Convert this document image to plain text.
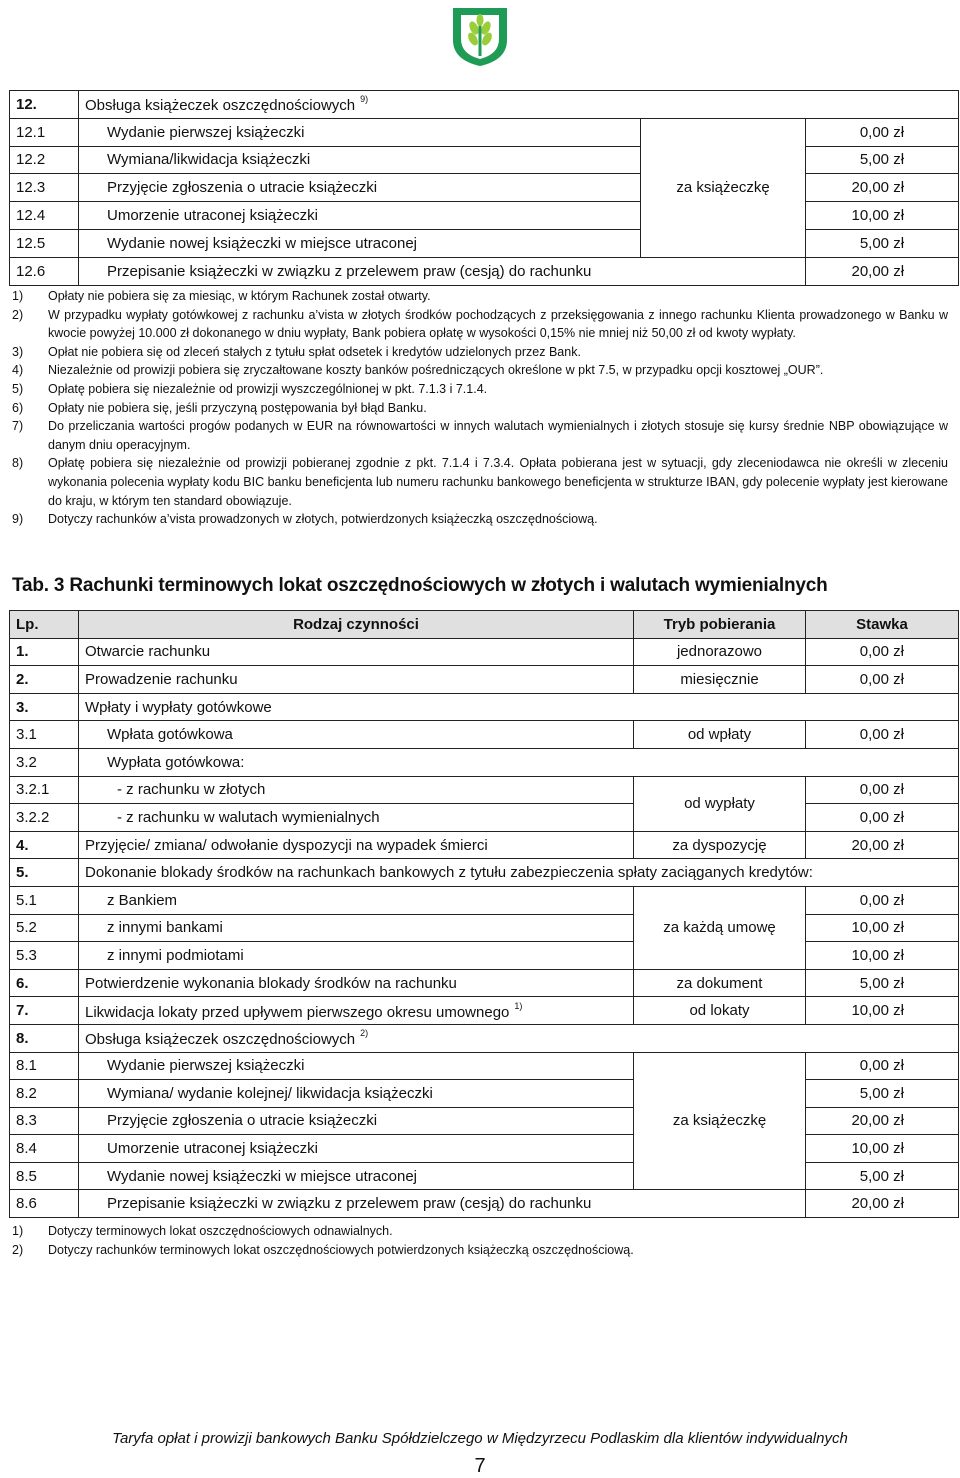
12.	Obsługa książeczek oszczędnościowych $^{9)}$
12.1	Wydanie pierwszej książeczki	za książeczkę	0,00 zł
12.2	Wymiana/likwidacja książeczki		5,00 zł
12.3	Przyjęcie zgłoszenia o utracie książeczki		20,00 zł
12.4	Umorzenie utraconej książeczki		10,00 zł
12.5	Wydanie nowej książeczki w miejsce utraconej		5,00 zł
12.6	Przepisanie książeczki w związku z przelewem praw (cesją) do rachunku		20,00 zł
1)	Opłaty nie pobiera się za miesiąc, w którym Rachunek został otwarty.
2)	W przypadku wypłaty gotówkowej z rachunku a’vista w złotych środków pochodzących z przeksięgowania z innego rachunku Klienta prowadzonego w Banku w kwocie powyżej 10.000 zł dokonanego w dniu wypłaty, Bank pobiera opłatę w wysokości 0,15% nie mniej niż 50,00 zł od kwoty wypłaty.
3)	Opłat nie pobiera się od zleceń stałych z tytułu spłat odsetek i kredytów udzielonych przez Bank.
4)	Niezależnie od prowizji pobiera się zryczałtowane koszty banków pośredniczących określone w pkt 7.5, w przypadku opcji kosztowej „OUR”.
5)	Opłatę pobiera się niezależnie od prowizji wyszczególnionej w pkt. 7.1.3 i 7.1.4.
6)	Opłaty nie pobiera się, jeśli przyczyną postępowania był błąd Banku.
7)	Do przeliczania wartości progów podanych w EUR na równowartości w innych walutach wymienialnych i złotych stosuje się kursy średnie NBP obowiązujące w danym dniu operacyjnym.
8)	Opłatę pobiera się niezależnie od prowizji pobieranej zgodnie z pkt. 7.1.4 i 7.3.4. Opłata pobierana jest w sytuacji, gdy zleceniodawca nie określi w zleceniu wykonania polecenia wypłaty kodu BIC banku beneficjenta lub numeru rachunku bankowego beneficjenta w strukturze IBAN, gdy polecenie wypłaty jest kierowane do kraju, w którym ten standard obowiązuje.
9)	Dotyczy rachunków a’vista prowadzonych w złotych, potwierdzonych książeczką oszczędnościową.
Tab. 3 Rachunki terminowych lokat oszczędnościowych w złotych i walutach wymienialnych
Lp.	Rodzaj czynności	Tryb pobierania	Stawka
1.	Otwarcie rachunku	jednorazowo	0,00 zł
2.	Prowadzenie rachunku	miesięcznie	0,00 zł
3.	Wpłaty i wypłaty gotówkowe		
3.1	Wpłata gotówkowa	od wpłaty	0,00 zł
3.2	Wypłata gotówkowa:		
3.2.1	- z rachunku w złotych	od wypłaty	0,00 zł
3.2.2	- z rachunku w walutach wymienialnych		0,00 zł
4.	Przyjęcie/ zmiana/ odwołanie dyspozycji na wypadek śmierci	za dyspozycję	20,00 zł
5.	Dokonanie blokady środków na rachunkach bankowych z tytułu zabezpieczenia spłaty zaciąganych kredytów:		
5.1	z Bankiem	za każdą umowę	0,00 zł
5.2	z innymi bankami		10,00 zł
5.3	z innymi podmiotami		10,00 zł
6.	Potwierdzenie wykonania blokady środków na rachunku	za dokument	5,00 zł
7.	Likwidacja lokaty przed upływem pierwszego okresu umownego $^{1)}$	od lokaty	10,00 zł
8.	Obsługa książeczek oszczędnościowych $^{2)}$
8.1	Wydanie pierwszej książeczki	za książeczkę	0,00 zł
8.2	Wymiana/ wydanie kolejnej/ likwidacja książeczki		5,00 zł
8.3	Przyjęcie zgłoszenia o utracie książeczki		20,00 zł
8.4	Umorzenie utraconej książeczki		10,00 zł
8.5	Wydanie nowej książeczki w miejsce utraconej		5,00 zł
8.6	Przepisanie książeczki w związku z przelewem praw (cesją) do rachunku		20,00 zł
1)	Dotyczy terminowych lokat oszczędnościowych odnawialnych.
2)	Dotyczy rachunków terminowych lokat oszczędnościowych potwierdzonych książeczką oszczędnościową.
Taryfa opłat i prowizji bankowych Banku Spółdzielczego w Międzyrzecu Podlaskim dla klientów indywidualnych
7
